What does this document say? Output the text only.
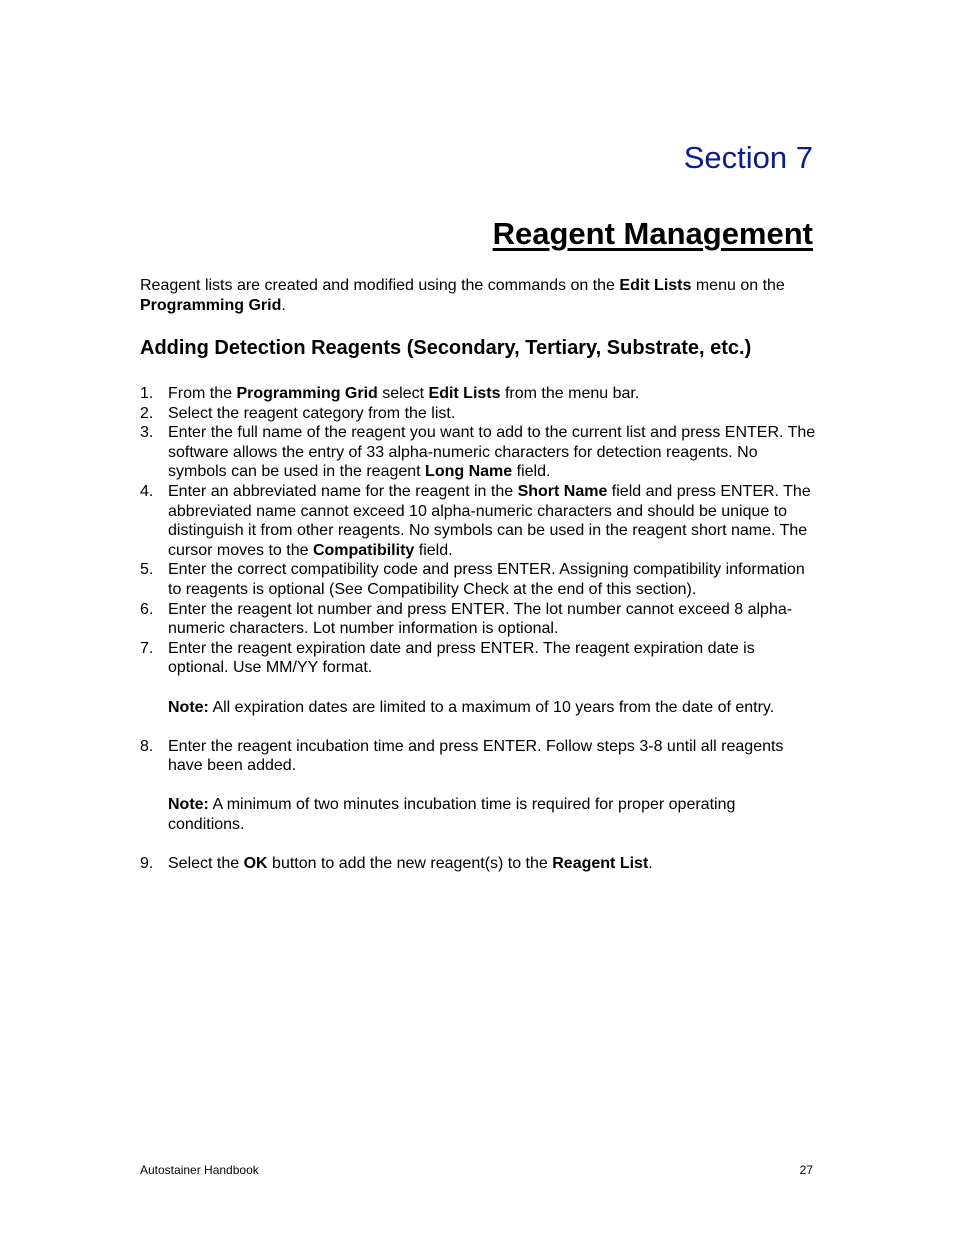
Section 7
Reagent Management

Reagent lists are created and modified using the commands on the Edit Lists menu on the Programming Grid.

Adding Detection Reagents (Secondary, Tertiary, Substrate, etc.)
1. From the Programming Grid select Edit Lists from the menu bar.
2. Select the reagent category from the list.
3. Enter the full name of the reagent you want to add to the current list and press ENTER. The software allows the entry of 33 alpha-numeric characters for detection reagents. No symbols can be used in the reagent Long Name field.
4. Enter an abbreviated name for the reagent in the Short Name field and press ENTER. The abbreviated name cannot exceed 10 alpha-numeric characters and should be unique to distinguish it from other reagents. No symbols can be used in the reagent short name. The cursor moves to the Compatibility field.
5. Enter the correct compatibility code and press ENTER. Assigning compatibility information to reagents is optional (See Compatibility Check at the end of this section).
6. Enter the reagent lot number and press ENTER. The lot number cannot exceed 8 alpha-numeric characters. Lot number information is optional.
7. Enter the reagent expiration date and press ENTER. The reagent expiration date is optional. Use MM/YY format.
Note: All expiration dates are limited to a maximum of 10 years from the date of entry.
8. Enter the reagent incubation time and press ENTER. Follow steps 3-8 until all reagents have been added.
Note: A minimum of two minutes incubation time is required for proper operating conditions.
9. Select the OK button to add the new reagent(s) to the Reagent List.
Autostainer Handbook	27
